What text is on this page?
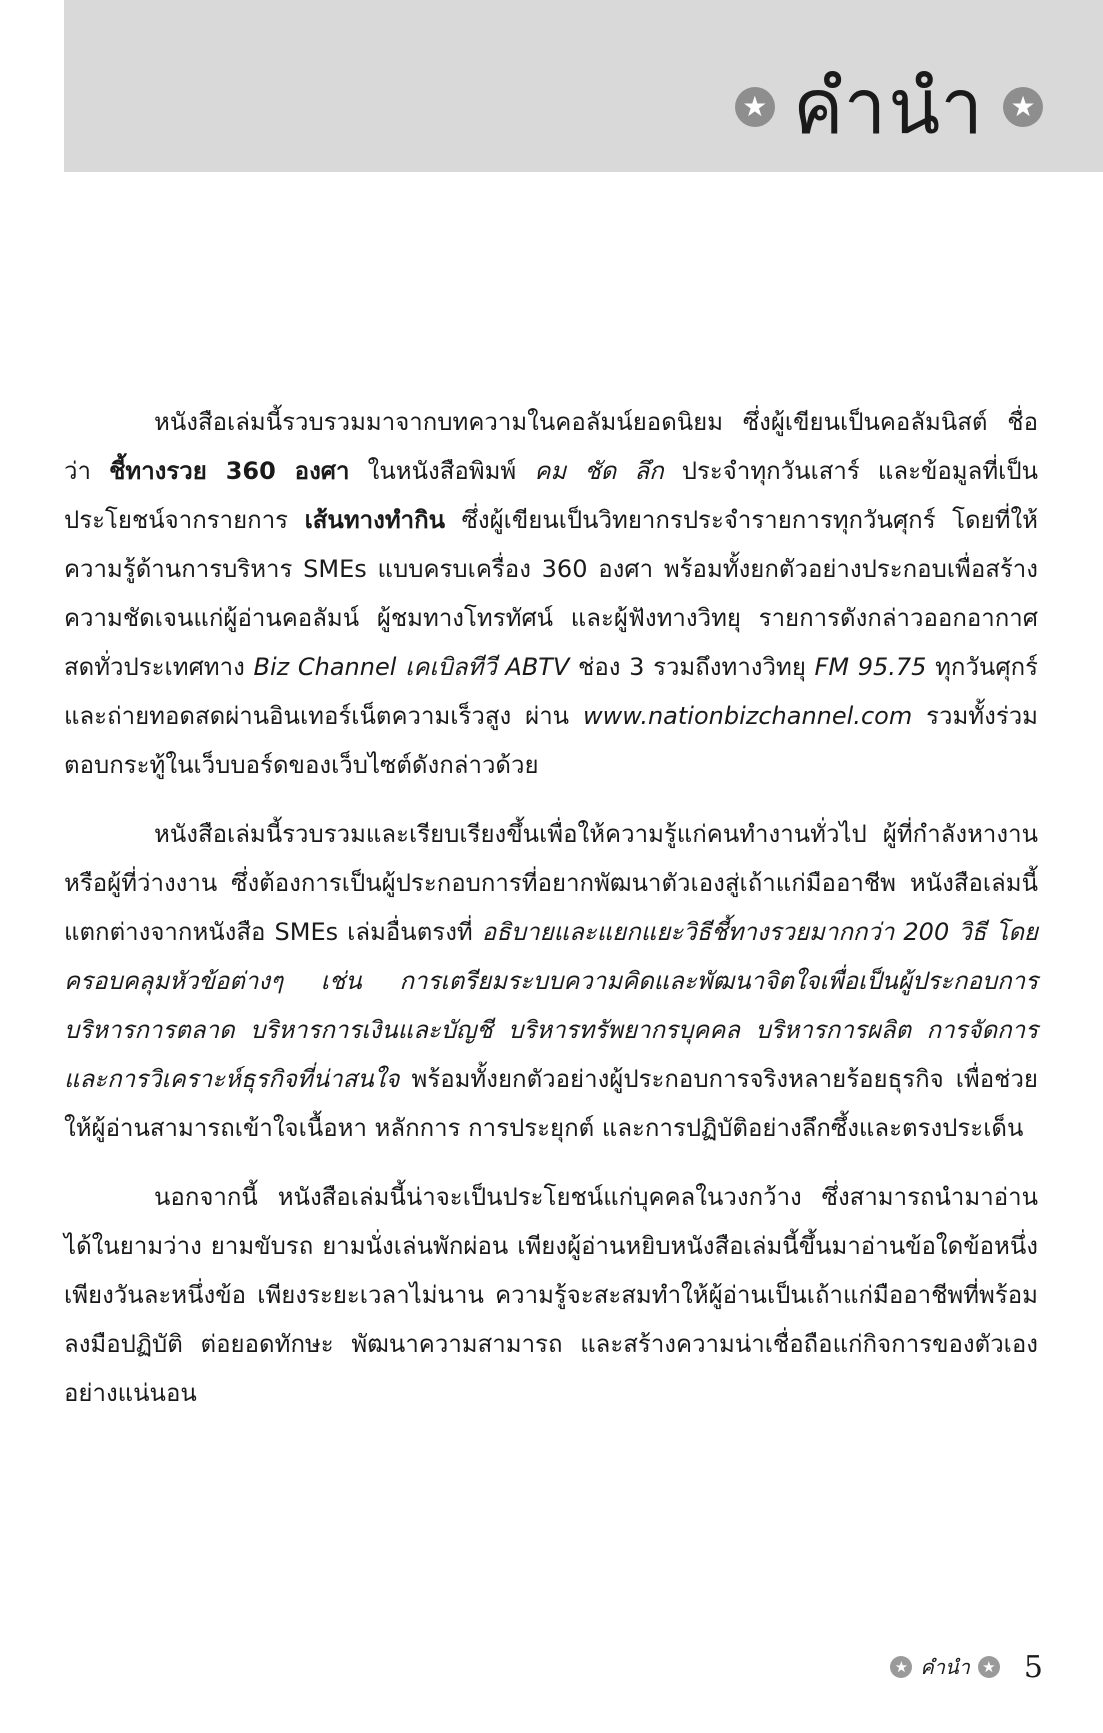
★ คำนำ ★

หนังสือเล่มนี้รวบรวมมาจากบทความในคอลัมน์ยอดนิยม ซึ่งผู้เขียนเป็นคอลัมนิสต์ ชื่อว่า ชี้ทางรวย 360 องศา ในหนังสือพิมพ์ คม ชัด ลึก ประจำทุกวันเสาร์ และข้อมูลที่เป็นประโยชน์จากรายการ เส้นทางทำกิน ซึ่งผู้เขียนเป็นวิทยากรประจำรายการทุกวันศุกร์ โดยที่ให้ความรู้ด้านการบริหาร SMEs แบบครบเครื่อง 360 องศา พร้อมทั้งยกตัวอย่างประกอบเพื่อสร้างความชัดเจนแก่ผู้อ่านคอลัมน์ ผู้ชมทางโทรทัศน์ และผู้ฟังทางวิทยุ รายการดังกล่าวออกอากาศสดทั่วประเทศทาง Biz Channel เคเบิลทีวี ABTV ช่อง 3 รวมถึงทางวิทยุ FM 95.75 ทุกวันศุกร์และถ่ายทอดสดผ่านอินเทอร์เน็ตความเร็วสูง ผ่าน www.nationbizchannel.com รวมทั้งร่วมตอบกระทู้ในเว็บบอร์ดของเว็บไซต์ดังกล่าวด้วย

หนังสือเล่มนี้รวบรวมและเรียบเรียงขึ้นเพื่อให้ความรู้แก่คนทำงานทั่วไป ผู้ที่กำลังหางาน หรือผู้ที่ว่างงาน ซึ่งต้องการเป็นผู้ประกอบการที่อยากพัฒนาตัวเองสู่เถ้าแก่มืออาชีพ หนังสือเล่มนี้แตกต่างจากหนังสือ SMEs เล่มอื่นตรงที่ อธิบายและแยกแยะวิธีชี้ทางรวยมากกว่า 200 วิธี โดยครอบคลุมหัวข้อต่างๆ เช่น การเตรียมระบบความคิดและพัฒนาจิตใจเพื่อเป็นผู้ประกอบการ บริหารการตลาด บริหารการเงินและบัญชี บริหารทรัพยากรบุคคล บริหารการผลิต การจัดการ และการวิเคราะห์ธุรกิจที่น่าสนใจ พร้อมทั้งยกตัวอย่างผู้ประกอบการจริงหลายร้อยธุรกิจ เพื่อช่วยให้ผู้อ่านสามารถเข้าใจเนื้อหา หลักการ การประยุกต์ และการปฏิบัติอย่างลึกซึ้งและตรงประเด็น

นอกจากนี้ หนังสือเล่มนี้น่าจะเป็นประโยชน์แก่บุคคลในวงกว้าง ซึ่งสามารถนำมาอ่านได้ในยามว่าง ยามขับรถ ยามนั่งเล่นพักผ่อน เพียงผู้อ่านหยิบหนังสือเล่มนี้ขึ้นมาอ่านข้อใดข้อหนึ่งเพียงวันละหนึ่งข้อ เพียงระยะเวลาไม่นาน ความรู้จะสะสมทำให้ผู้อ่านเป็นเถ้าแก่มืออาชีพที่พร้อมลงมือปฏิบัติ ต่อยอดทักษะ พัฒนาความสามารถ และสร้างความน่าเชื่อถือแก่กิจการของตัวเองอย่างแน่นอน

★ คำนำ ★ 5
